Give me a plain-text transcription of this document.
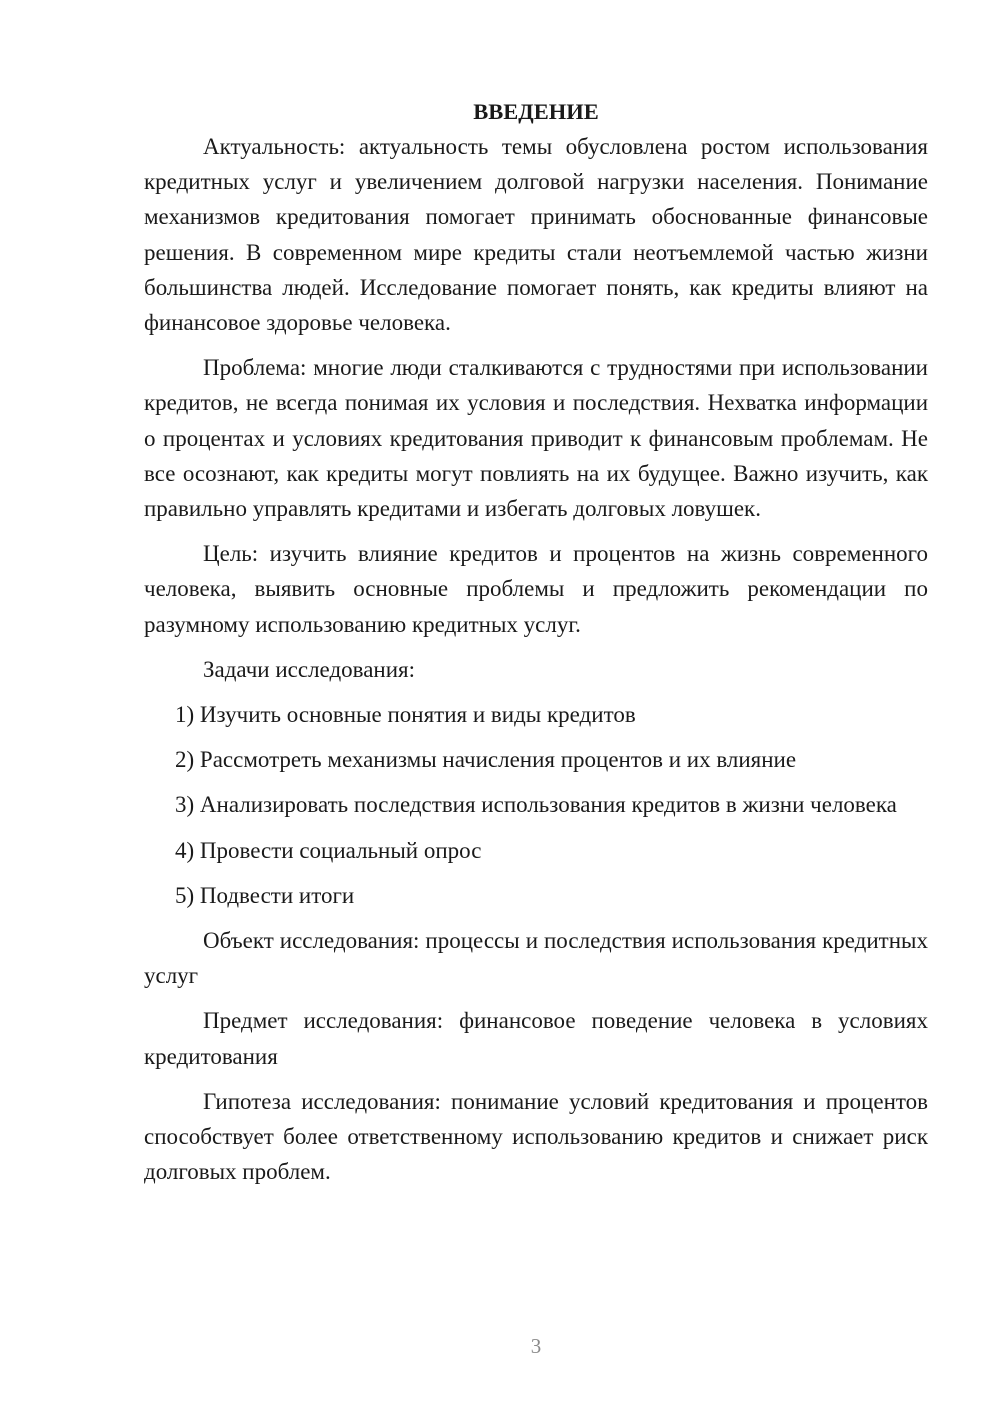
ВВЕДЕНИЕ

Актуальность: актуальность темы обусловлена ростом использования кредитных услуг и увеличением долговой нагрузки населения. Понимание механизмов кредитования помогает принимать обоснованные финансовые решения. В современном мире кредиты стали неотъемлемой частью жизни большинства людей. Исследование помогает понять, как кредиты влияют на финансовое здоровье человека.

Проблема: многие люди сталкиваются с трудностями при использовании кредитов, не всегда понимая их условия и последствия. Нехватка информации о процентах и условиях кредитования приводит к финансовым проблемам. Не все осознают, как кредиты могут повлиять на их будущее. Важно изучить, как правильно управлять кредитами и избегать долговых ловушек.

Цель: изучить влияние кредитов и процентов на жизнь современного человека, выявить основные проблемы и предложить рекомендации по разумному использованию кредитных услуг.

Задачи исследования:

1) Изучить основные понятия и виды кредитов

2) Рассмотреть механизмы начисления процентов и их влияние

3) Анализировать последствия использования кредитов в жизни человека

4) Провести социальный опрос

5) Подвести итоги

Объект исследования: процессы и последствия использования кредитных услуг

Предмет исследования: финансовое поведение человека в условиях кредитования

Гипотеза исследования: понимание условий кредитования и процентов способствует более ответственному использованию кредитов и снижает риск долговых проблем.

3
